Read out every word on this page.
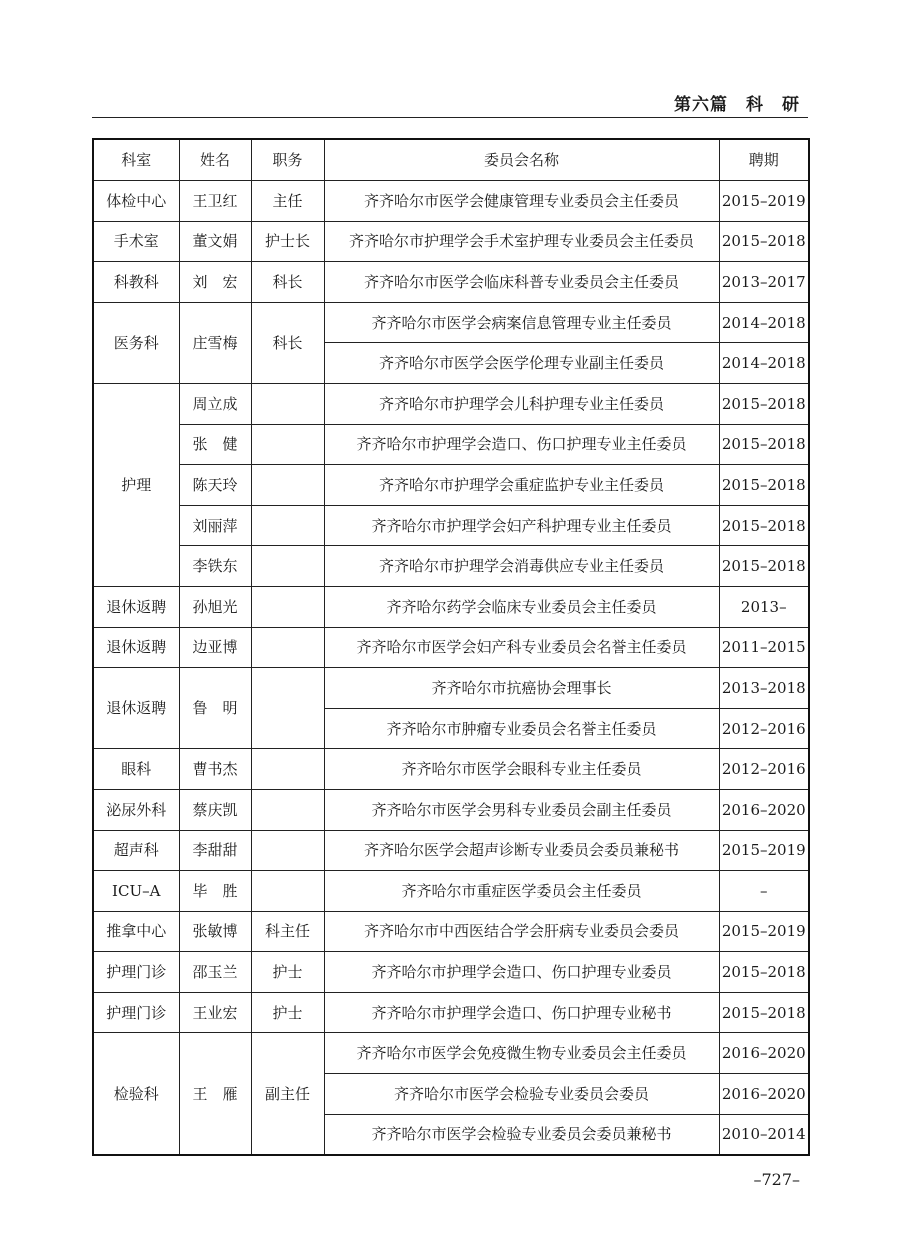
第六篇　科　研
科室	姓名	职务	委员会名称	聘期
体检中心	王卫红	主任	齐齐哈尔市医学会健康管理专业委员会主任委员	2015–2019
手术室	董文娟	护士长	齐齐哈尔市护理学会手术室护理专业委员会主任委员	2015–2018
科教科	刘　宏	科长	齐齐哈尔市医学会临床科普专业委员会主任委员	2013–2017
医务科	庄雪梅	科长	齐齐哈尔市医学会病案信息管理专业主任委员	2014–2018
			齐齐哈尔市医学会医学伦理专业副主任委员	2014–2018
护理	周立成		齐齐哈尔市护理学会儿科护理专业主任委员	2015–2018
	张　健		齐齐哈尔市护理学会造口、伤口护理专业主任委员	2015–2018
	陈天玲		齐齐哈尔市护理学会重症监护专业主任委员	2015–2018
	刘丽萍		齐齐哈尔市护理学会妇产科护理专业主任委员	2015–2018
	李铁东		齐齐哈尔市护理学会消毒供应专业主任委员	2015–2018
退休返聘	孙旭光		齐齐哈尔药学会临床专业委员会主任委员	2013–
退休返聘	边亚博		齐齐哈尔市医学会妇产科专业委员会名誉主任委员	2011–2015
退休返聘	鲁　明		齐齐哈尔市抗癌协会理事长	2013–2018
			齐齐哈尔市肿瘤专业委员会名誉主任委员	2012–2016
眼科	曹书杰		齐齐哈尔市医学会眼科专业主任委员	2012–2016
泌尿外科	蔡庆凯		齐齐哈尔市医学会男科专业委员会副主任委员	2016–2020
超声科	李甜甜		齐齐哈尔医学会超声诊断专业委员会委员兼秘书	2015–2019
ICU–A	毕　胜		齐齐哈尔市重症医学委员会主任委员	–
推拿中心	张敏博	科主任	齐齐哈尔市中西医结合学会肝病专业委员会委员	2015–2019
护理门诊	邵玉兰	护士	齐齐哈尔市护理学会造口、伤口护理专业委员	2015–2018
护理门诊	王业宏	护士	齐齐哈尔市护理学会造口、伤口护理专业秘书	2015–2018
检验科	王　雁	副主任	齐齐哈尔市医学会免疫微生物专业委员会主任委员	2016–2020
			齐齐哈尔市医学会检验专业委员会委员	2016–2020
			齐齐哈尔市医学会检验专业委员会委员兼秘书	2010–2014
–727–
